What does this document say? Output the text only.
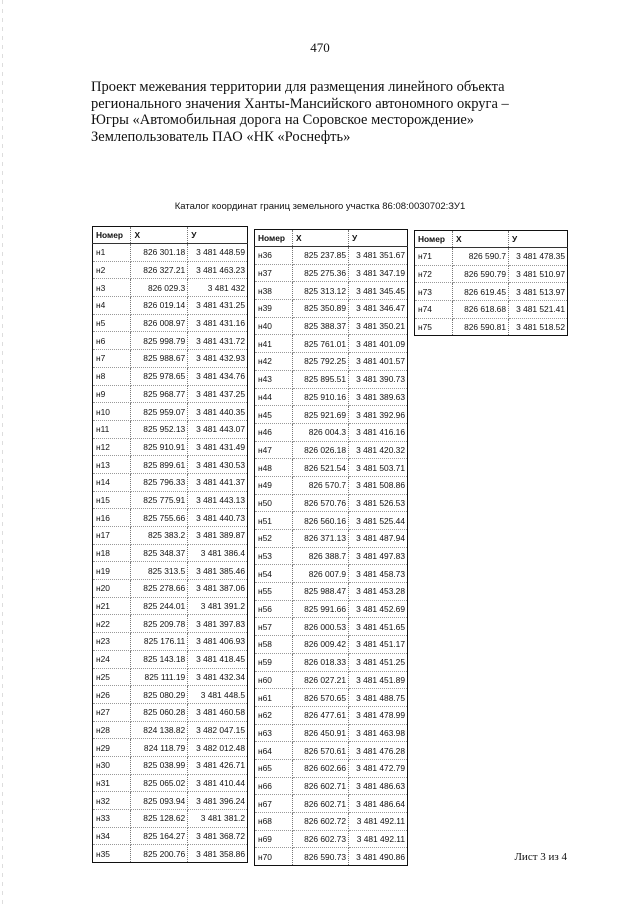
470
Проект межевания территории для размещения линейного объекта
регионального значения Ханты-Мансийского автономного округа –
Югры «Автомобильная дорога на Соровское месторождение»
Землепользователь ПАО «НК «Роснефть»
Каталог координат границ земельного участка 86:08:0030702:ЗУ1
Номер	X	У
н1	826 301.18	3 481 448.59
н2	826 327.21	3 481 463.23
н3	826 029.3	3 481 432
н4	826 019.14	3 481 431.25
н5	826 008.97	3 481 431.16
н6	825 998.79	3 481 431.72
н7	825 988.67	3 481 432.93
н8	825 978.65	3 481 434.76
н9	825 968.77	3 481 437.25
н10	825 959.07	3 481 440.35
н11	825 952.13	3 481 443.07
н12	825 910.91	3 481 431.49
н13	825 899.61	3 481 430.53
н14	825 796.33	3 481 441.37
н15	825 775.91	3 481 443.13
н16	825 755.66	3 481 440.73
н17	825 383.2	3 481 389.87
н18	825 348.37	3 481 386.4
н19	825 313.5	3 481 385.46
н20	825 278.66	3 481 387.06
н21	825 244.01	3 481 391.2
н22	825 209.78	3 481 397.83
н23	825 176.11	3 481 406.93
н24	825 143.18	3 481 418.45
н25	825 111.19	3 481 432.34
н26	825 080.29	3 481 448.5
н27	825 060.28	3 481 460.58
н28	824 138.82	3 482 047.15
н29	824 118.79	3 482 012.48
н30	825 038.99	3 481 426.71
н31	825 065.02	3 481 410.44
н32	825 093.94	3 481 396.24
н33	825 128.62	3 481 381.2
н34	825 164.27	3 481 368.72
н35	825 200.76	3 481 358.86
Номер	X	У
н36	825 237.85	3 481 351.67
н37	825 275.36	3 481 347.19
н38	825 313.12	3 481 345.45
н39	825 350.89	3 481 346.47
н40	825 388.37	3 481 350.21
н41	825 761.01	3 481 401.09
н42	825 792.25	3 481 401.57
н43	825 895.51	3 481 390.73
н44	825 910.16	3 481 389.63
н45	825 921.69	3 481 392.96
н46	826 004.3	3 481 416.16
н47	826 026.18	3 481 420.32
н48	826 521.54	3 481 503.71
н49	826 570.7	3 481 508.86
н50	826 570.76	3 481 526.53
н51	826 560.16	3 481 525.44
н52	826 371.13	3 481 487.94
н53	826 388.7	3 481 497.83
н54	826 007.9	3 481 458.73
н55	825 988.47	3 481 453.28
н56	825 991.66	3 481 452.69
н57	826 000.53	3 481 451.65
н58	826 009.42	3 481 451.17
н59	826 018.33	3 481 451.25
н60	826 027.21	3 481 451.89
н61	826 570.65	3 481 488.75
н62	826 477.61	3 481 478.99
н63	826 450.91	3 481 463.98
н64	826 570.61	3 481 476.28
н65	826 602.66	3 481 472.79
н66	826 602.71	3 481 486.63
н67	826 602.71	3 481 486.64
н68	826 602.72	3 481 492.11
н69	826 602.73	3 481 492.11
н70	826 590.73	3 481 490.86
Номер	X	У
н71	826 590.7	3 481 478.35
н72	826 590.79	3 481 510.97
н73	826 619.45	3 481 513.97
н74	826 618.68	3 481 521.41
н75	826 590.81	3 481 518.52
Лист 3 из 4
